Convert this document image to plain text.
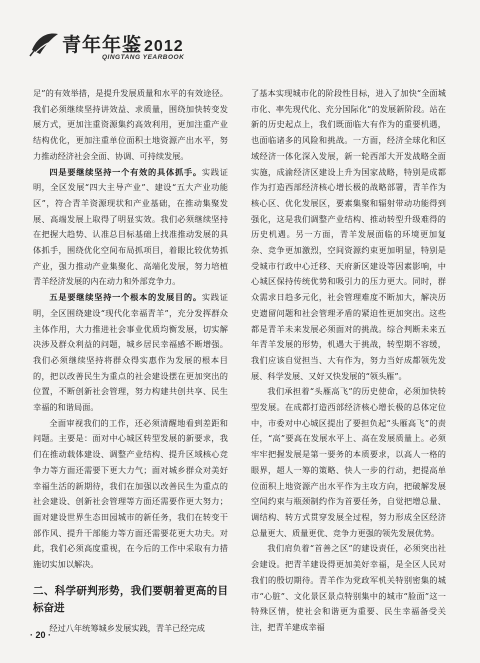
青年年鉴 2012
QINGTANG YEARBOOK

足”的有效举措，是提升发展质量和水平的有效途径。我们必须继续坚持讲效益、求质量，围绕加快转变发展方式，更加注重资源集约高效利用，更加注重产业结构优化，更加注重单位面积土地资源产出水平，努力推动经济社会全面、协调、可持续发展。

四是要继续坚持一个有效的具体抓手。实践证明，全区发展“四大主导产业”、建设“五大产业功能区”，符合青羊资源现状和产业基础，在推动集聚发展、高端发展上取得了明显实效。我们必须继续坚持在把握大趋势、认准总目标基础上找准推动发展的具体抓手，围绕优化空间布局抓项目，着眼比较优势抓产业，强力推动产业集聚化、高端化发展，努力培植青羊经济发展的内在动力和外部竞争力。

五是要继续坚持一个根本的发展目的。实践证明，全区围绕建设“现代化幸福青羊”，充分发挥群众主体作用，大力推进社会事业优质均衡发展，切实解决涉及群众利益的问题，城乡居民幸福感不断增强。我们必须继续坚持将群众得实惠作为发展的根本目的，把以改善民生为重点的社会建设摆在更加突出的位置，不断创新社会管理，努力构建共创共享、民生幸福的和谐局面。

全面审视我们的工作，还必须清醒地看到差距和问题。主要是：面对中心城区转型发展的新要求，我们在推动载体建设、调整产业结构、提升区域核心竞争力等方面还需要下更大力气；面对城乡群众对美好幸福生活的新期待，我们在加强以改善民生为重点的社会建设、创新社会管理等方面还需要作更大努力；面对建设世界生态田园城市的新任务，我们在转变干部作风、提升干部能力等方面还需要花更大功夫。对此，我们必须高度重视，在今后的工作中采取有力措施切实加以解决。

二、科学研判形势，我们要朝着更高的目标奋进

经过八年统筹城乡发展实践，青羊已经完成

了基本实现城市化的阶段性目标，进入了加快“全面城市化、率先现代化、充分国际化”的发展新阶段。站在新的历史起点上，我们既面临大有作为的重要机遇，也面临诸多的风险和挑战。一方面，经济全球化和区域经济一体化深入发展，新一轮西部大开发战略全面实施，成渝经济区建设上升为国家战略，特别是成都作为打造西部经济核心增长极的战略部署，青羊作为核心区、优化发展区，要素集聚和辐射带动功能得到强化，这是我们调整产业结构、推动转型升级难得的历史机遇。另一方面，青羊发展面临的环境更加复杂、竞争更加激烈，空间资源约束更加明显，特别是受城市行政中心迁移、天府新区建设等因素影响，中心城区保持传统优势和吸引力的压力更大。同时，群众需求日趋多元化，社会管理难度不断加大，解决历史遗留问题和社会管理矛盾的紧迫性更加突出。这些都是青羊未来发展必须面对的挑战。综合判断未来五年青羊发展的形势，机遇大于挑战，转型期不容缓，我们应该自觉担当、大有作为，努力当好成都领先发展、科学发展、又好又快发展的“领头雁”。

我们承担着“头雁高飞”的历史使命，必须加快转型发展。在成都打造西部经济核心增长极的总体定位中，市委对中心城区提出了要担负起“头雁高飞”的责任，“高”要高在发展水平上、高在发展质量上。必须牢牢把握发展是第一要务的本质要求，以高人一格的眼界，超人一筹的策略、快人一步的行动，把提高单位面积上地资源产出水平作为主攻方向，把破解发展空间约束与瓶颈制约作为首要任务，自觉把增总量、调结构、转方式贯穿发展全过程，努力形成全区经济总量更大、质量更优、竞争力更强的领先发展优势。

我们肩负着“首善之区”的建设责任，必须突出社会建设。把青羊建设得更加美好幸福，是全区人民对我们的殷切期待。青羊作为党政军机关特别密集的城市“心脏”、文化景区景点特别集中的城市“脸面”这一特殊区情，使社会和谐更为重要、民生幸福备受关注，把青羊建成幸福

· 20 ·
